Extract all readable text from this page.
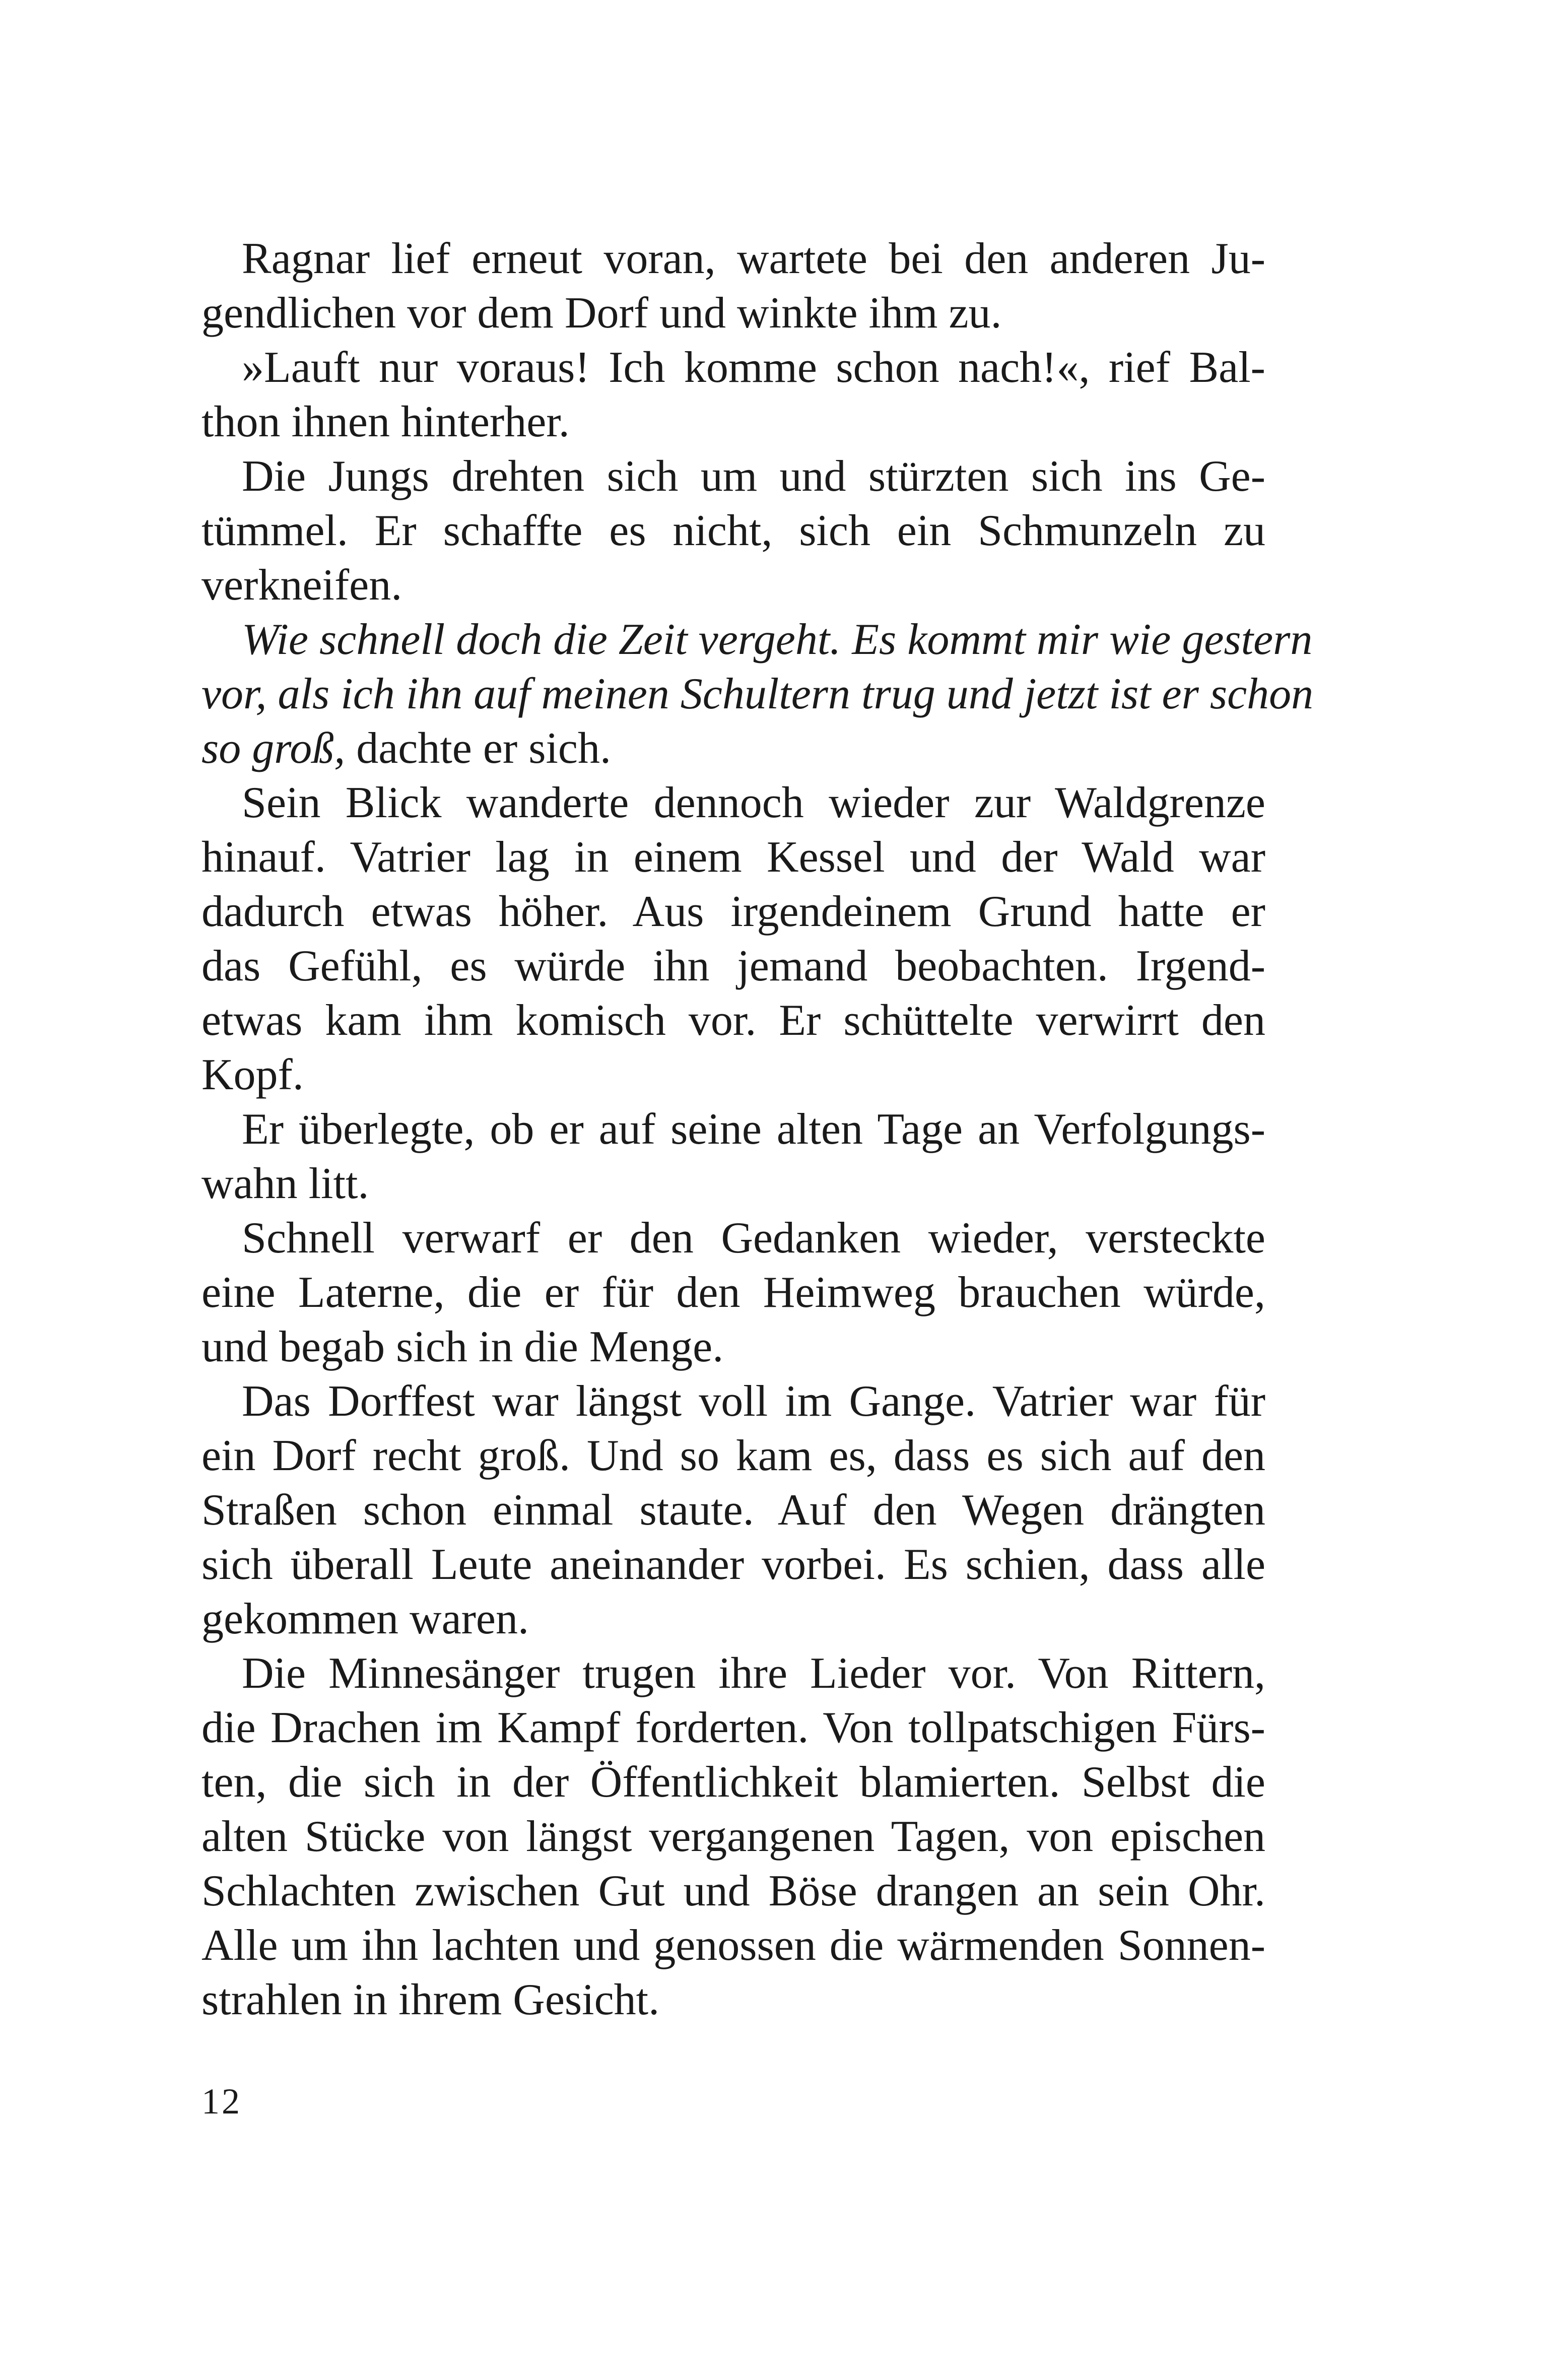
Ragnar lief erneut voran, wartete bei den anderen Ju-
gendlichen vor dem Dorf und winkte ihm zu.
»Lauft nur voraus! Ich komme schon nach!«, rief Bal-
thon ihnen hinterher.
Die Jungs drehten sich um und stürzten sich ins Ge-
tümmel. Er schaffte es nicht, sich ein Schmunzeln zu
verkneifen.
Wie schnell doch die Zeit vergeht. Es kommt mir wie gestern
vor, als ich ihn auf meinen Schultern trug und jetzt ist er schon
so groß, dachte er sich.
Sein Blick wanderte dennoch wieder zur Waldgrenze
hinauf. Vatrier lag in einem Kessel und der Wald war
dadurch etwas höher. Aus irgendeinem Grund hatte er
das Gefühl, es würde ihn jemand beobachten. Irgend-
etwas kam ihm komisch vor. Er schüttelte verwirrt den
Kopf.
Er überlegte, ob er auf seine alten Tage an Verfolgungs-
wahn litt.
Schnell verwarf er den Gedanken wieder, versteckte
eine Laterne, die er für den Heimweg brauchen würde,
und begab sich in die Menge.
Das Dorffest war längst voll im Gange. Vatrier war für
ein Dorf recht groß. Und so kam es, dass es sich auf den
Straßen schon einmal staute. Auf den Wegen drängten
sich überall Leute aneinander vorbei. Es schien, dass alle
gekommen waren.
Die Minnesänger trugen ihre Lieder vor. Von Rittern,
die Drachen im Kampf forderten. Von tollpatschigen Fürs-
ten, die sich in der Öffentlichkeit blamierten. Selbst die
alten Stücke von längst vergangenen Tagen, von epischen
Schlachten zwischen Gut und Böse drangen an sein Ohr.
Alle um ihn lachten und genossen die wärmenden Sonnen-
strahlen in ihrem Gesicht.
12
